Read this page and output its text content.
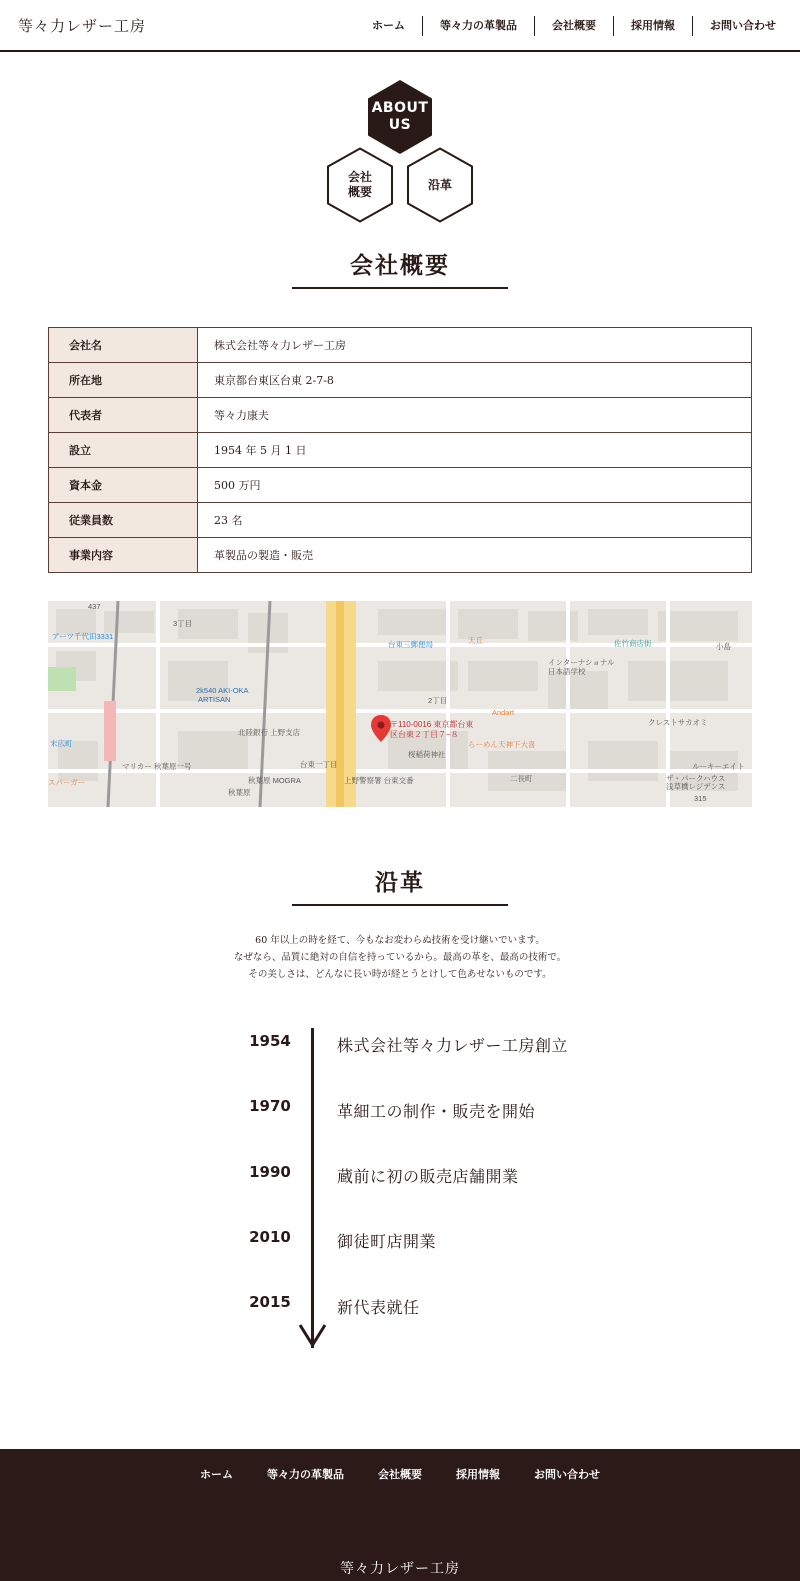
等々力レザー工房	ホーム	等々力の革製品	会社概要	採用情報	お問い合わせ
ABOUT
US
会社
概要
沿革
会社概要
会社名	株式会社等々力レザー工房
所在地	東京都台東区台東 2-7-8
代表者	等々力康夫
設立	1954 年 5 月 1 日
資本金	500 万円
従業員数	23 名
事業内容	革製品の製造・販売
アーツ千代田3331
2k540 AKI-OKA
ARTISAN
末広町
台東三郵便局	佐竹商店街
インターナショナル
日本語学校
Andart
らーめん天神下大喜
秋葉原 MOGRA	上野警察署 台東交番
北陸銀行 上野支店
桜稲荷神社
クレストサカオミ
ルーキーエイト
秋葉原
ザ・パークハウス
浅草橋レジデンス
マリカー 秋葉原一号	台東一丁目
2丁目
二長町
スパーガー
3丁目
天丘
小島
437
315
〒110-0016 東京都台東
区台東２丁目７−８
沿革

60 年以上の時を経て、今もなお変わらぬ技術を受け継いでいます。

なぜなら、品質に絶対の自信を持っているから。最高の革を、最高の技術で。

その美しさは、どんなに長い時が経とうとけして色あせないものです。

1954	株式会社等々力レザー工房創立
1970	革細工の制作・販売を開始
1990	蔵前に初の販売店舗開業
2010	御徒町店開業
2015	新代表就任
ホーム	等々力の革製品	会社概要	採用情報	お問い合わせ
等々力レザー工房
